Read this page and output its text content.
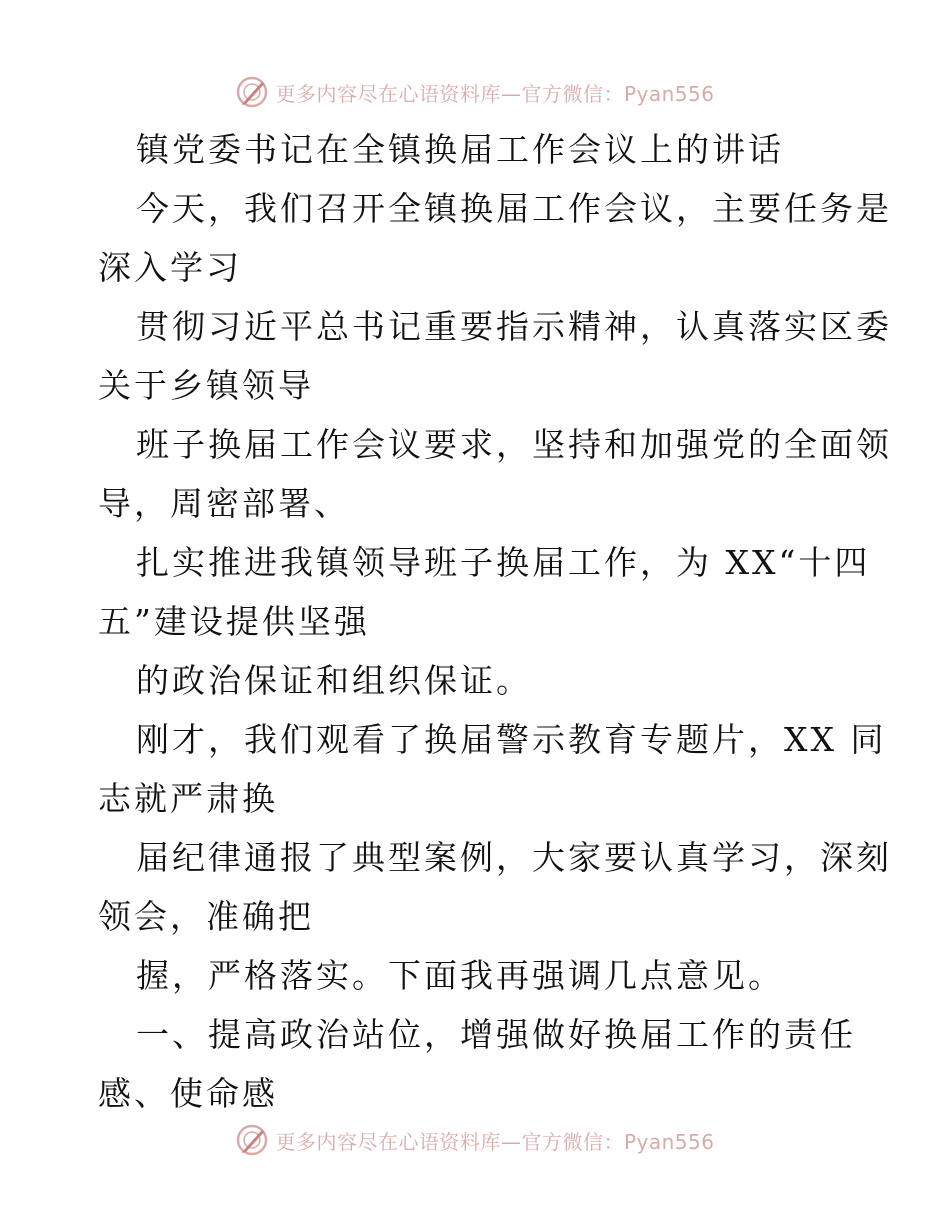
更多内容尽在心语资料库—官方微信：Pyan556
镇党委书记在全镇换届工作会议上的讲话
今天，我们召开全镇换届工作会议，主要任务是
深入学习
贯彻习近平总书记重要指示精神，认真落实区委
关于乡镇领导
班子换届工作会议要求，坚持和加强党的全面领
导，周密部署、
扎实推进我镇领导班子换届工作，为 XX“十四
五”建设提供坚强
的政治保证和组织保证。
刚才，我们观看了换届警示教育专题片，XX 同
志就严肃换
届纪律通报了典型案例，大家要认真学习，深刻
领会，准确把
握，严格落实。下面我再强调几点意见。
一、提高政治站位，增强做好换届工作的责任
感、使命感
更多内容尽在心语资料库—官方微信：Pyan556
